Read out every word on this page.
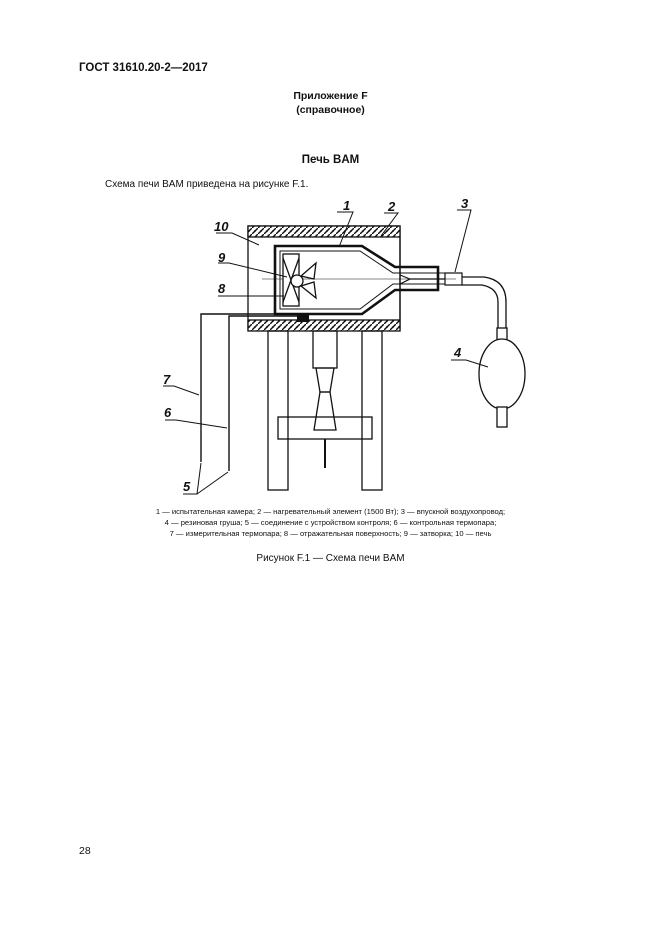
ГОСТ 31610.20-2—2017
Приложение F
(справочное)
Печь BAM
Схема печи BAM приведена на рисунке F.1.
1	2	3
4
5
6
7
8
9
10
1 — испытательная камера; 2 — нагревательный элемент (1500 Вт); 3 — впускной воздухопровод;
4 — резиновая груша; 5 — соединение с устройством контроля; 6 — контрольная термопара;
7 — измерительная термопара; 8 — отражательная поверхность; 9 — затворка; 10 — печь
Рисунок F.1 — Схема печи BAM
28
